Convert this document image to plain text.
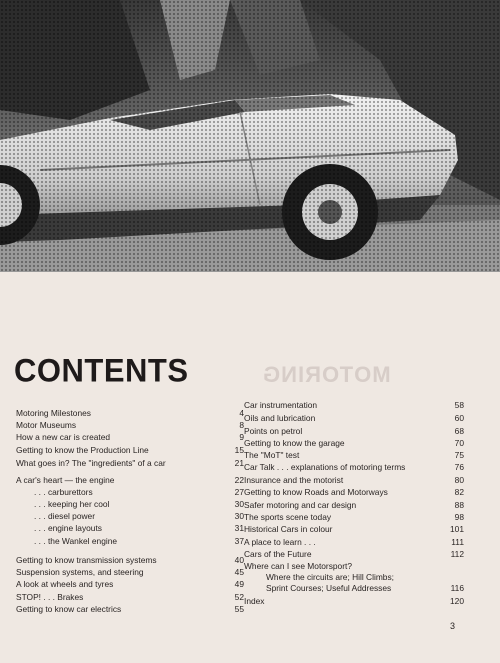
MOTORING
CONTENTS
Motoring Milestones	4
Motor Museums	8
How a new car is created	9
Getting to know the Production Line	15
What goes in? The "ingredients" of a car	21
A car's heart — the engine	22
. . . carburettors	27
. . . keeping her cool	30
. . . diesel power	30
. . . engine layouts	31
. . . the Wankel engine	37
Getting to know transmission systems	40
Suspension systems, and steering	45
A look at wheels and tyres	49
STOP! . . . Brakes	52
Getting to know car electrics	55
Car instrumentation	58
Oils and lubrication	60
Points on petrol	68
Getting to know the garage	70
The "MoT" test	75
Car Talk . . . explanations of motoring terms	76
Insurance and the motorist	80
Getting to know Roads and Motorways	82
Safer motoring and car design	88
The sports scene today	98
Historical Cars in colour	101
A place to learn . . .	111
Cars of the Future	112
Where can I see Motorsport?
Where the circuits are; Hill Climbs;
Sprint Courses; Useful Addresses	116
Index	120
3
